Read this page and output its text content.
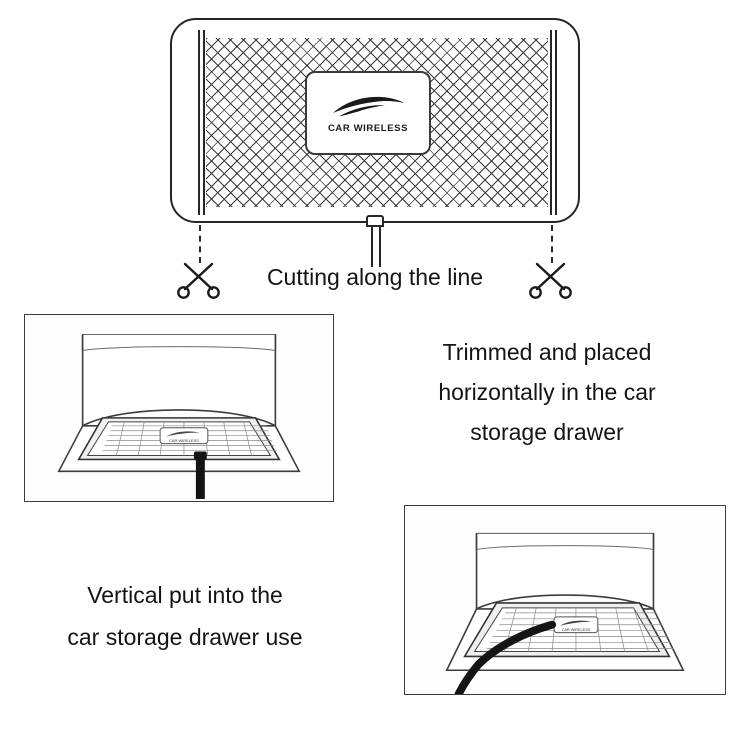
CAR WIRELESS
Cutting along the line
CAR WIRELESS
CAR WIRELESS
Trimmed and placed
horizontally in the car
storage drawer
Vertical put into the
car storage drawer use
